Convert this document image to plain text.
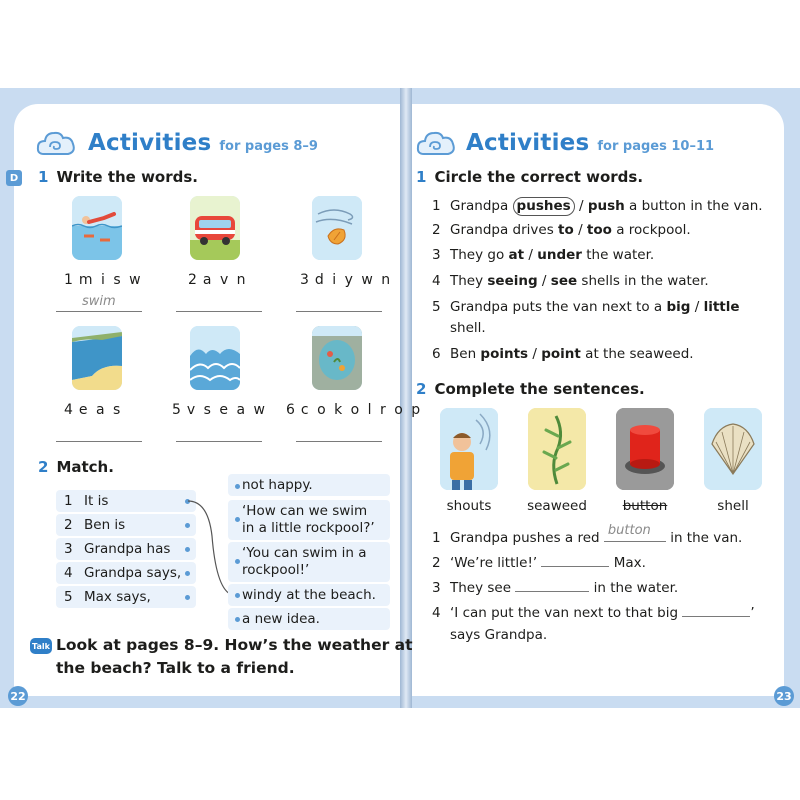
D
Activities for pages 8–9
1 Write the words.
1 m i s w	2 a v n	3 d i y w n
swim
4 e a s	5 v s e a w 6 c o k o l r o p
2 Match.
1 It is
2 Ben is
3 Grandpa has
4 Grandpa says,
5 Max says,
not happy.
‘How can we swim
in a little rockpool?’
‘You can swim in a
rockpool!’
windy at the beach.
a new idea.
Talk Look at pages 8–9. How’s the weather at
the beach? Talk to a friend.
22
Activities for pages 10–11
1 Circle the correct words.
1 Grandpa pushes / push a button in the van.
2 Grandpa drives to / too a rockpool.
3 They go at / under the water.
4 They seeing / see shells in the water.
5 Grandpa puts the van next to a big / little
shell.
6 Ben points / point at the seaweed.
2 Complete the sentences.
shouts	seaweed	button	shell
1 Grandpa pushes a red button in the van.
2 ‘We’re little!’	Max.
3 They see	in the water.
4 ‘I can put the van next to that big	’
says Grandpa.
23
